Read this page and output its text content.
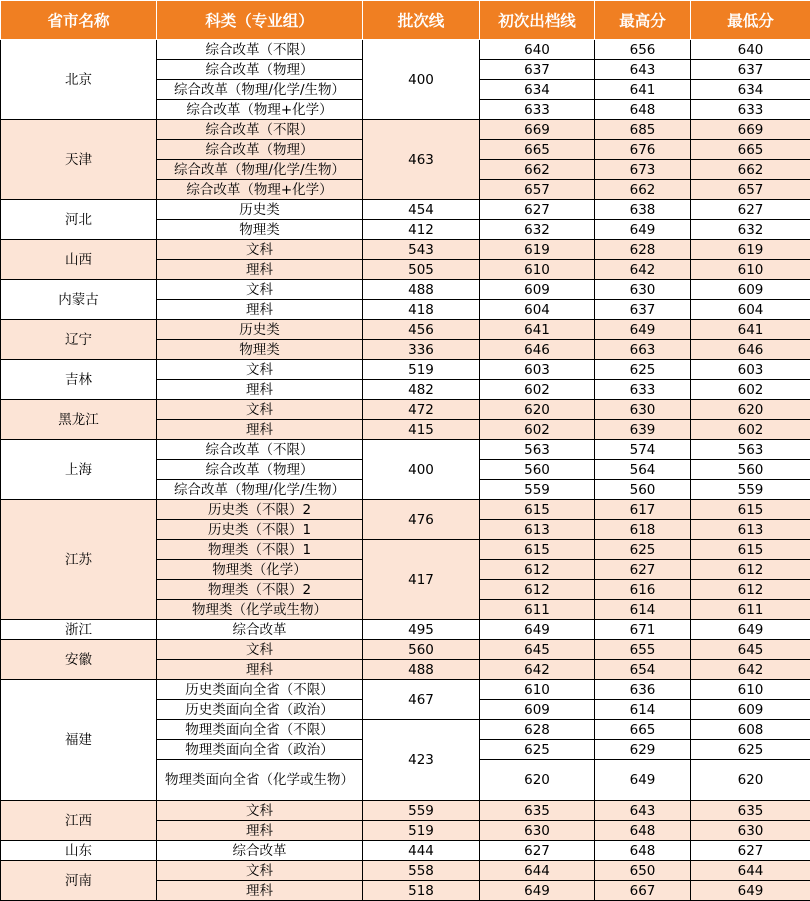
省市名称	科类（专业组）	批次线	初次出档线	最高分	最低分
北京	综合改革（不限）	400	640	656	640
	综合改革（物理）		637	643	637
	综合改革（物理/化学/生物）		634	641	634
	综合改革（物理+化学）		633	648	633
天津	综合改革（不限）	463	669	685	669
	综合改革（物理）		665	676	665
	综合改革（物理/化学/生物）		662	673	662
	综合改革（物理+化学）		657	662	657
河北	历史类	454	627	638	627
	物理类	412	632	649	632
山西	文科	543	619	628	619
	理科	505	610	642	610
内蒙古	文科	488	609	630	609
	理科	418	604	637	604
辽宁	历史类	456	641	649	641
	物理类	336	646	663	646
吉林	文科	519	603	625	603
	理科	482	602	633	602
黑龙江	文科	472	620	630	620
	理科	415	602	639	602
上海	综合改革（不限）	400	563	574	563
	综合改革（物理）		560	564	560
	综合改革（物理/化学/生物）		559	560	559
江苏	历史类（不限）2	476	615	617	615
	历史类（不限）1		613	618	613
	物理类（不限）1	417	615	625	615
	物理类（化学）		612	627	612
	物理类（不限）2		612	616	612
	物理类（化学或生物）		611	614	611
浙江	综合改革	495	649	671	649
安徽	文科	560	645	655	645
	理科	488	642	654	642
福建	历史类面向全省（不限）	467	610	636	610
	历史类面向全省（政治）		609	614	609
	物理类面向全省（不限）	423	628	665	608
	物理类面向全省（政治）		625	629	625
	物理类面向全省（化学或生物）		620	649	620
江西	文科	559	635	643	635
	理科	519	630	648	630
山东	综合改革	444	627	648	627
河南	文科	558	644	650	644
	理科	518	649	667	649
